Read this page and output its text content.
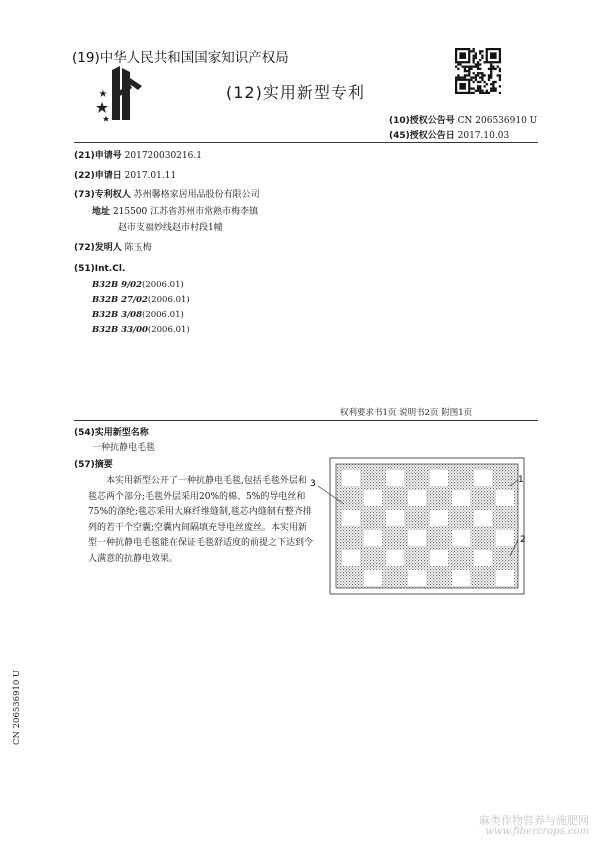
(19)中华人民共和国国家知识产权局
(12)实用新型专利
(10)授权公告号 CN 206536910 U
(45)授权公告日 2017.10.03
(21)申请号 201720030216.1
(22)申请日 2017.01.11
(73)专利权人 苏州馨格家居用品股份有限公司
地址 215500 江苏省苏州市常熟市梅李镇
赵市支福妙线赵市村段1幢
(72)发明人 陈玉梅
(51)Int.Cl.
B32B 9/02(2006.01)
B32B 27/02(2006.01)
B32B 3/08(2006.01)
B32B 33/00(2006.01)
权利要求书1页 说明书2页 附图1页
(54)实用新型名称
一种抗静电毛毯
(57)摘要
本实用新型公开了一种抗静电毛毯,包括毛毯外层和毯芯两个部分;毛毯外层采用20%的棉、5%的导电丝和75%的涤纶;毯芯采用大麻纤维缝制,毯芯内缝制有整齐排列的若干个空囊;空囊内间隔填充导电丝废丝。本实用新型一种抗静电毛毯能在保证毛毯舒适度的前提之下达到令人满意的抗静电效果。
3	1
2
CN 206536910 U
麻类作物营养与施肥网
www.fibercrops.com
